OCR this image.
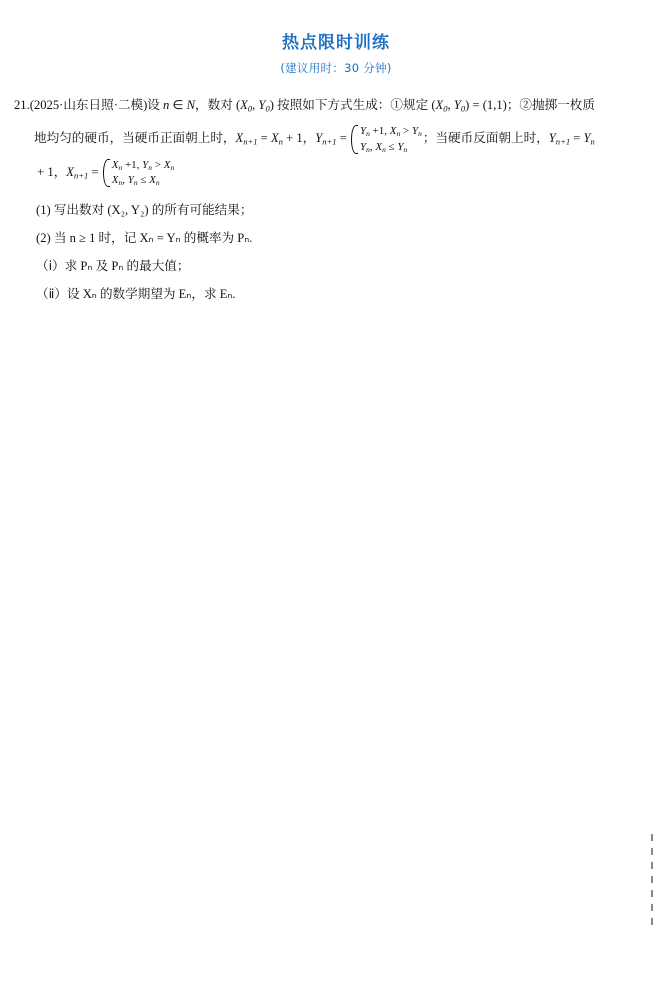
热点限时训练
(建议用时：30 分钟)
21.(2025·山东日照·二模)设 n ∈ N，数对 (X0, Y0) 按照如下方式生成：①规定 (X0, Y0) = (1,1)；②抛掷一枚质
地均匀的硬币，当硬币正面朝上时，Xn+1 = Xn + 1，Yn+1 =
Yn +1, Xn > Yn
Yn, Xn ≤ Yn
；当硬币反面朝上时，Yn+1 = Yn
+ 1，Xn+1 =
Xn +1, Yn > Xn
Xn, Yn ≤ Xn
(1) 写出数对 (X₂, Y₂) 的所有可能结果；
(2) 当 n ≥ 1 时，记 Xₙ = Yₙ 的概率为 Pₙ.
（ⅰ）求 Pₙ 及 Pₙ 的最大值；
（ⅱ）设 Xₙ 的数学期望为 Eₙ，求 Eₙ.
